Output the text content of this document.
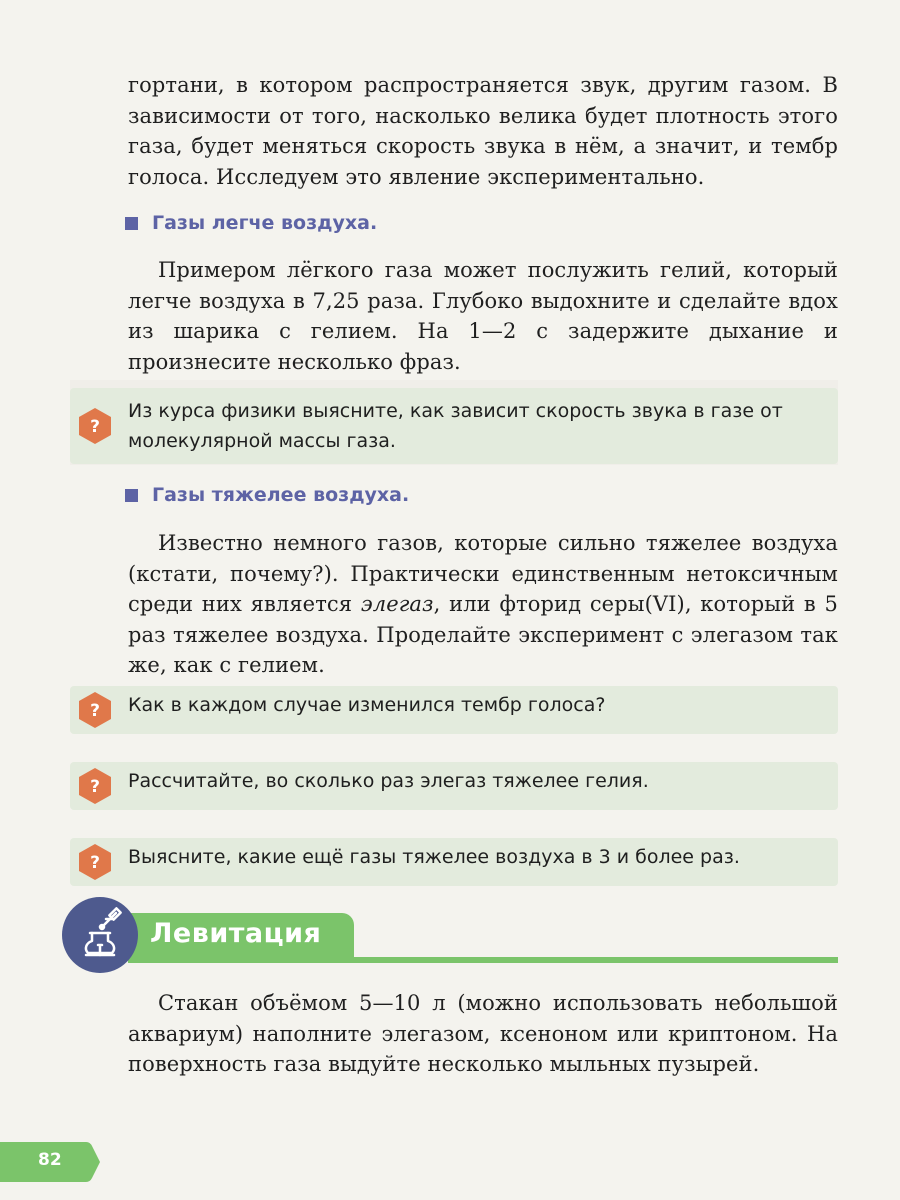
гортани, в котором распространяется звук, другим газом. В зависимости от того, насколько велика будет плотность этого газа, будет меняться скорость звука в нём, а значит, и тембр голоса. Исследуем это явление экспериментально.

Газы легче воздуха.

Примером лёгкого газа может послужить гелий, который легче воздуха в 7,25 раза. Глубоко выдохните и сделайте вдох из шарика с гелием. На 1—2 с задержите дыхание и произнесите несколько фраз.

?
Из курса физики выясните, как зависит скорость звука в газе от молекулярной массы газа.
Газы тяжелее воздуха.

Известно немного газов, которые сильно тяжелее воздуха (кстати, почему?). Практически единственным нетоксичным среди них является элегаз, или фторид серы(VI), который в 5 раз тяжелее воздуха. Проделайте эксперимент с элегазом так же, как с гелием.

? Как в каждом случае изменился тембр голоса?
? Рассчитайте, во сколько раз элегаз тяжелее гелия.
? Выясните, какие ещё газы тяжелее воздуха в 3 и более раз.
Левитация

Стакан объёмом 5—10 л (можно использовать небольшой аквариум) наполните элегазом, ксеноном или криптоном. На поверхность газа выдуйте несколько мыльных пузырей.

82
